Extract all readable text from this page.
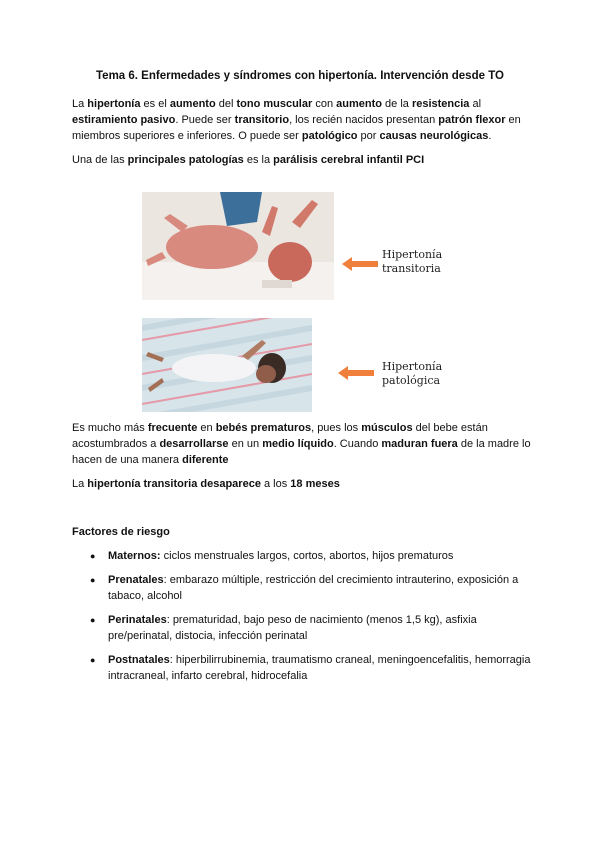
Tema 6. Enfermedades y síndromes con hipertonía. Intervención desde TO
La hipertonía es el aumento del tono muscular con aumento de la resistencia al estiramiento pasivo. Puede ser transitorio, los recién nacidos presentan patrón flexor en miembros superiores e inferiores. O puede ser patológico por causas neurológicas.
Una de las principales patologías es la parálisis cerebral infantil PCI
Hipertonía
transitoria
Hipertonía
patológica
Es mucho más frecuente en bebés prematuros, pues los músculos del bebe están acostumbrados a desarrollarse en un medio líquido. Cuando maduran fuera de la madre lo hacen de una manera diferente
La hipertonía transitoria desaparece a los 18 meses
Factores de riesgo
● Maternos: ciclos menstruales largos, cortos, abortos, hijos prematuros
● Prenatales: embarazo múltiple, restricción del crecimiento intrauterino, exposición a tabaco, alcohol
● Perinatales: prematuridad, bajo peso de nacimiento (menos 1,5 kg), asfixia pre/perinatal, distocia, infección perinatal
● Postnatales: hiperbilirrubinemia, traumatismo craneal, meningoencefalitis, hemorragia intracraneal, infarto cerebral, hidrocefalia
